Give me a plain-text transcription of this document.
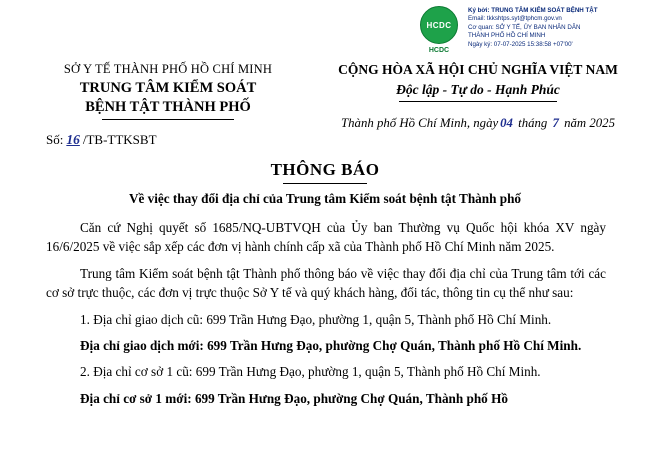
HCDC
HCDC
Ký bởi: TRUNG TÂM KIỂM SOÁT BỆNH TẬT
Email: tkkshtps.syt@tphcm.gov.vn
Cơ quan: SỞ Y TẾ, ỦY BAN NHÂN DÂN
THÀNH PHỐ HỒ CHÍ MINH
Ngày ký: 07-07-2025 15:38:58 +07'00'
SỞ Y TẾ THÀNH PHỐ HỒ CHÍ MINH
TRUNG TÂM KIỂM SOÁT
BỆNH TẬT THÀNH PHỐ
Số: 16 /TB-TTKSBT
CỘNG HÒA XÃ HỘI CHỦ NGHĨA VIỆT NAM
Độc lập - Tự do - Hạnh Phúc
Thành phố Hồ Chí Minh, ngày 04 tháng 7 năm 2025
THÔNG BÁO
Về việc thay đổi địa chỉ của Trung tâm Kiểm soát bệnh tật Thành phố
Căn cứ Nghị quyết số 1685/NQ-UBTVQH của Ủy ban Thường vụ Quốc hội khóa XV ngày 16/6/2025 về việc sắp xếp các đơn vị hành chính cấp xã của Thành phố Hồ Chí Minh năm 2025.
Trung tâm Kiểm soát bệnh tật Thành phố thông báo về việc thay đổi địa chỉ của Trung tâm tới các cơ sở trực thuộc, các đơn vị trực thuộc Sở Y tế và quý khách hàng, đối tác, thông tin cụ thể như sau:
1. Địa chỉ giao dịch cũ: 699 Trần Hưng Đạo, phường 1, quận 5, Thành phố Hồ Chí Minh.
Địa chỉ giao dịch mới: 699 Trần Hưng Đạo, phường Chợ Quán, Thành phố Hồ Chí Minh.
2. Địa chỉ cơ sở 1 cũ: 699 Trần Hưng Đạo, phường 1, quận 5, Thành phố Hồ Chí Minh.
Địa chỉ cơ sở 1 mới: 699 Trần Hưng Đạo, phường Chợ Quán, Thành phố Hồ
